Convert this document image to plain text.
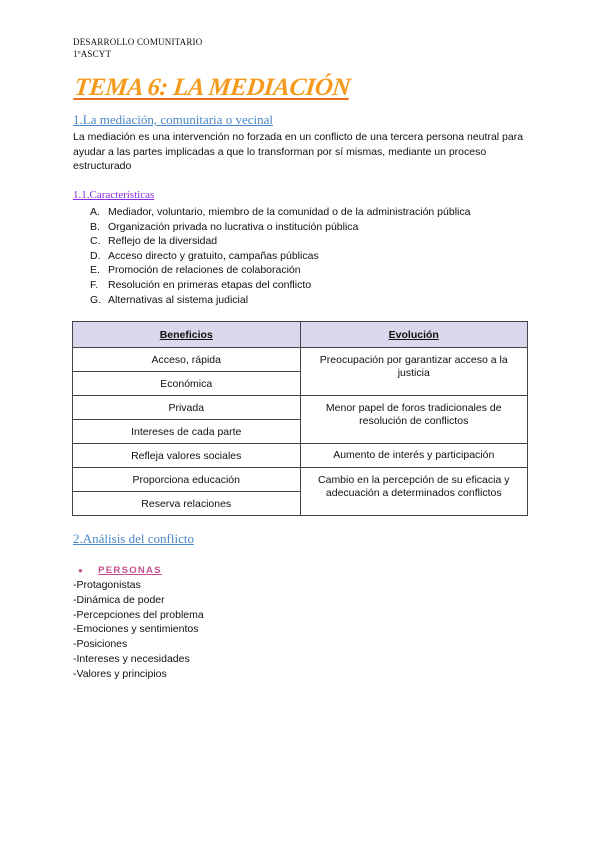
DESARROLLO COMUNITARIO
1ºASCYT
TEMA 6: LA MEDIACIÓN
1.La mediación, comunitaria o vecinal
La mediación es una intervención no forzada en un conflicto de una tercera persona neutral para ayudar a las partes implicadas a que lo transforman por sí mismas, mediante un proceso estructurado
1.1.Características
A. Mediador, voluntario, miembro de la comunidad o de la administración pública
B. Organización privada no lucrativa o institución pública
C. Reflejo de la diversidad
D. Acceso directo y gratuito, campañas públicas
E. Promoción de relaciones de colaboración
F. Resolución en primeras etapas del conflicto
G. Alternativas al sistema judicial
Beneficios	Evolución
Acceso, rápida	Preocupación por garantizar acceso a la justicia
Económica	
Privada	Menor papel de foros tradicionales de resolución de conflictos
Intereses de cada parte	
Refleja valores sociales	Aumento de interés y participación
Proporciona educación	Cambio en la percepción de su eficacia y adecuación a determinados conflictos
Reserva relaciones	
2.Análisis del conflicto
● PERSONAS
-Protagonistas
-Dinámica de poder
-Percepciones del problema
-Emociones y sentimientos
-Posiciones
-Intereses y necesidades
-Valores y principios
